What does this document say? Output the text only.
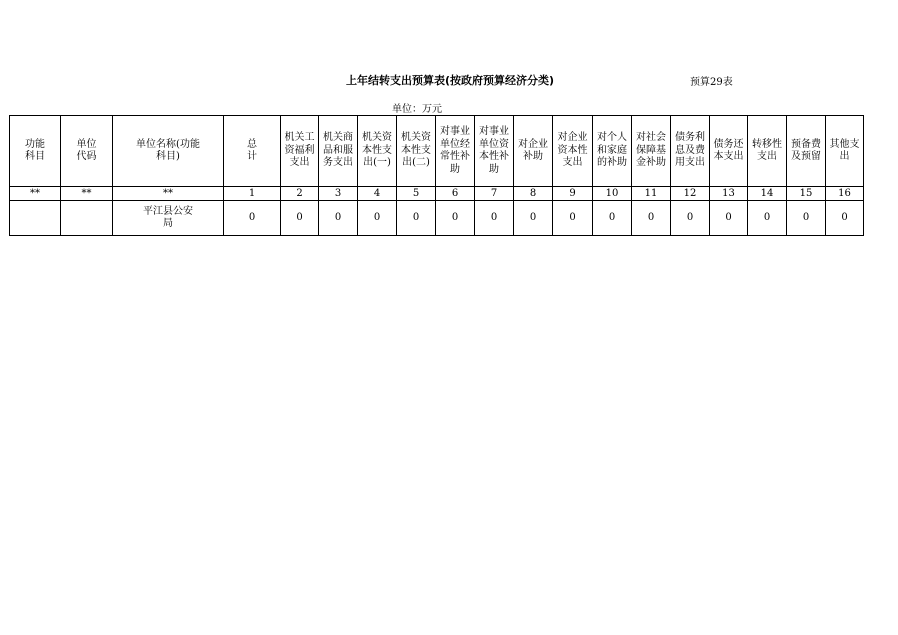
上年结转支出预算表(按政府预算经济分类)	预算29表
单位：万元
功能科目	单位代码	单位名称(功能科目)	总计	机关工资福利支出	机关商品和服务支出	机关资本性支出(一)	机关资本性支出(二)	对事业单位经常性补助	对事业单位资本性补助	对企业补助	对企业资本性支出	对个人和家庭的补助	对社会保障基金补助	债务利息及费用支出	债务还本支出	转移性支出	预备费及预留	其他支出
**	**	**	1	2	3	4	5	6	7	8	9	10	11	12	13	14	15	16
		平江县公安局	0	0	0	0	0	0	0	0	0	0	0	0	0	0	0	0
